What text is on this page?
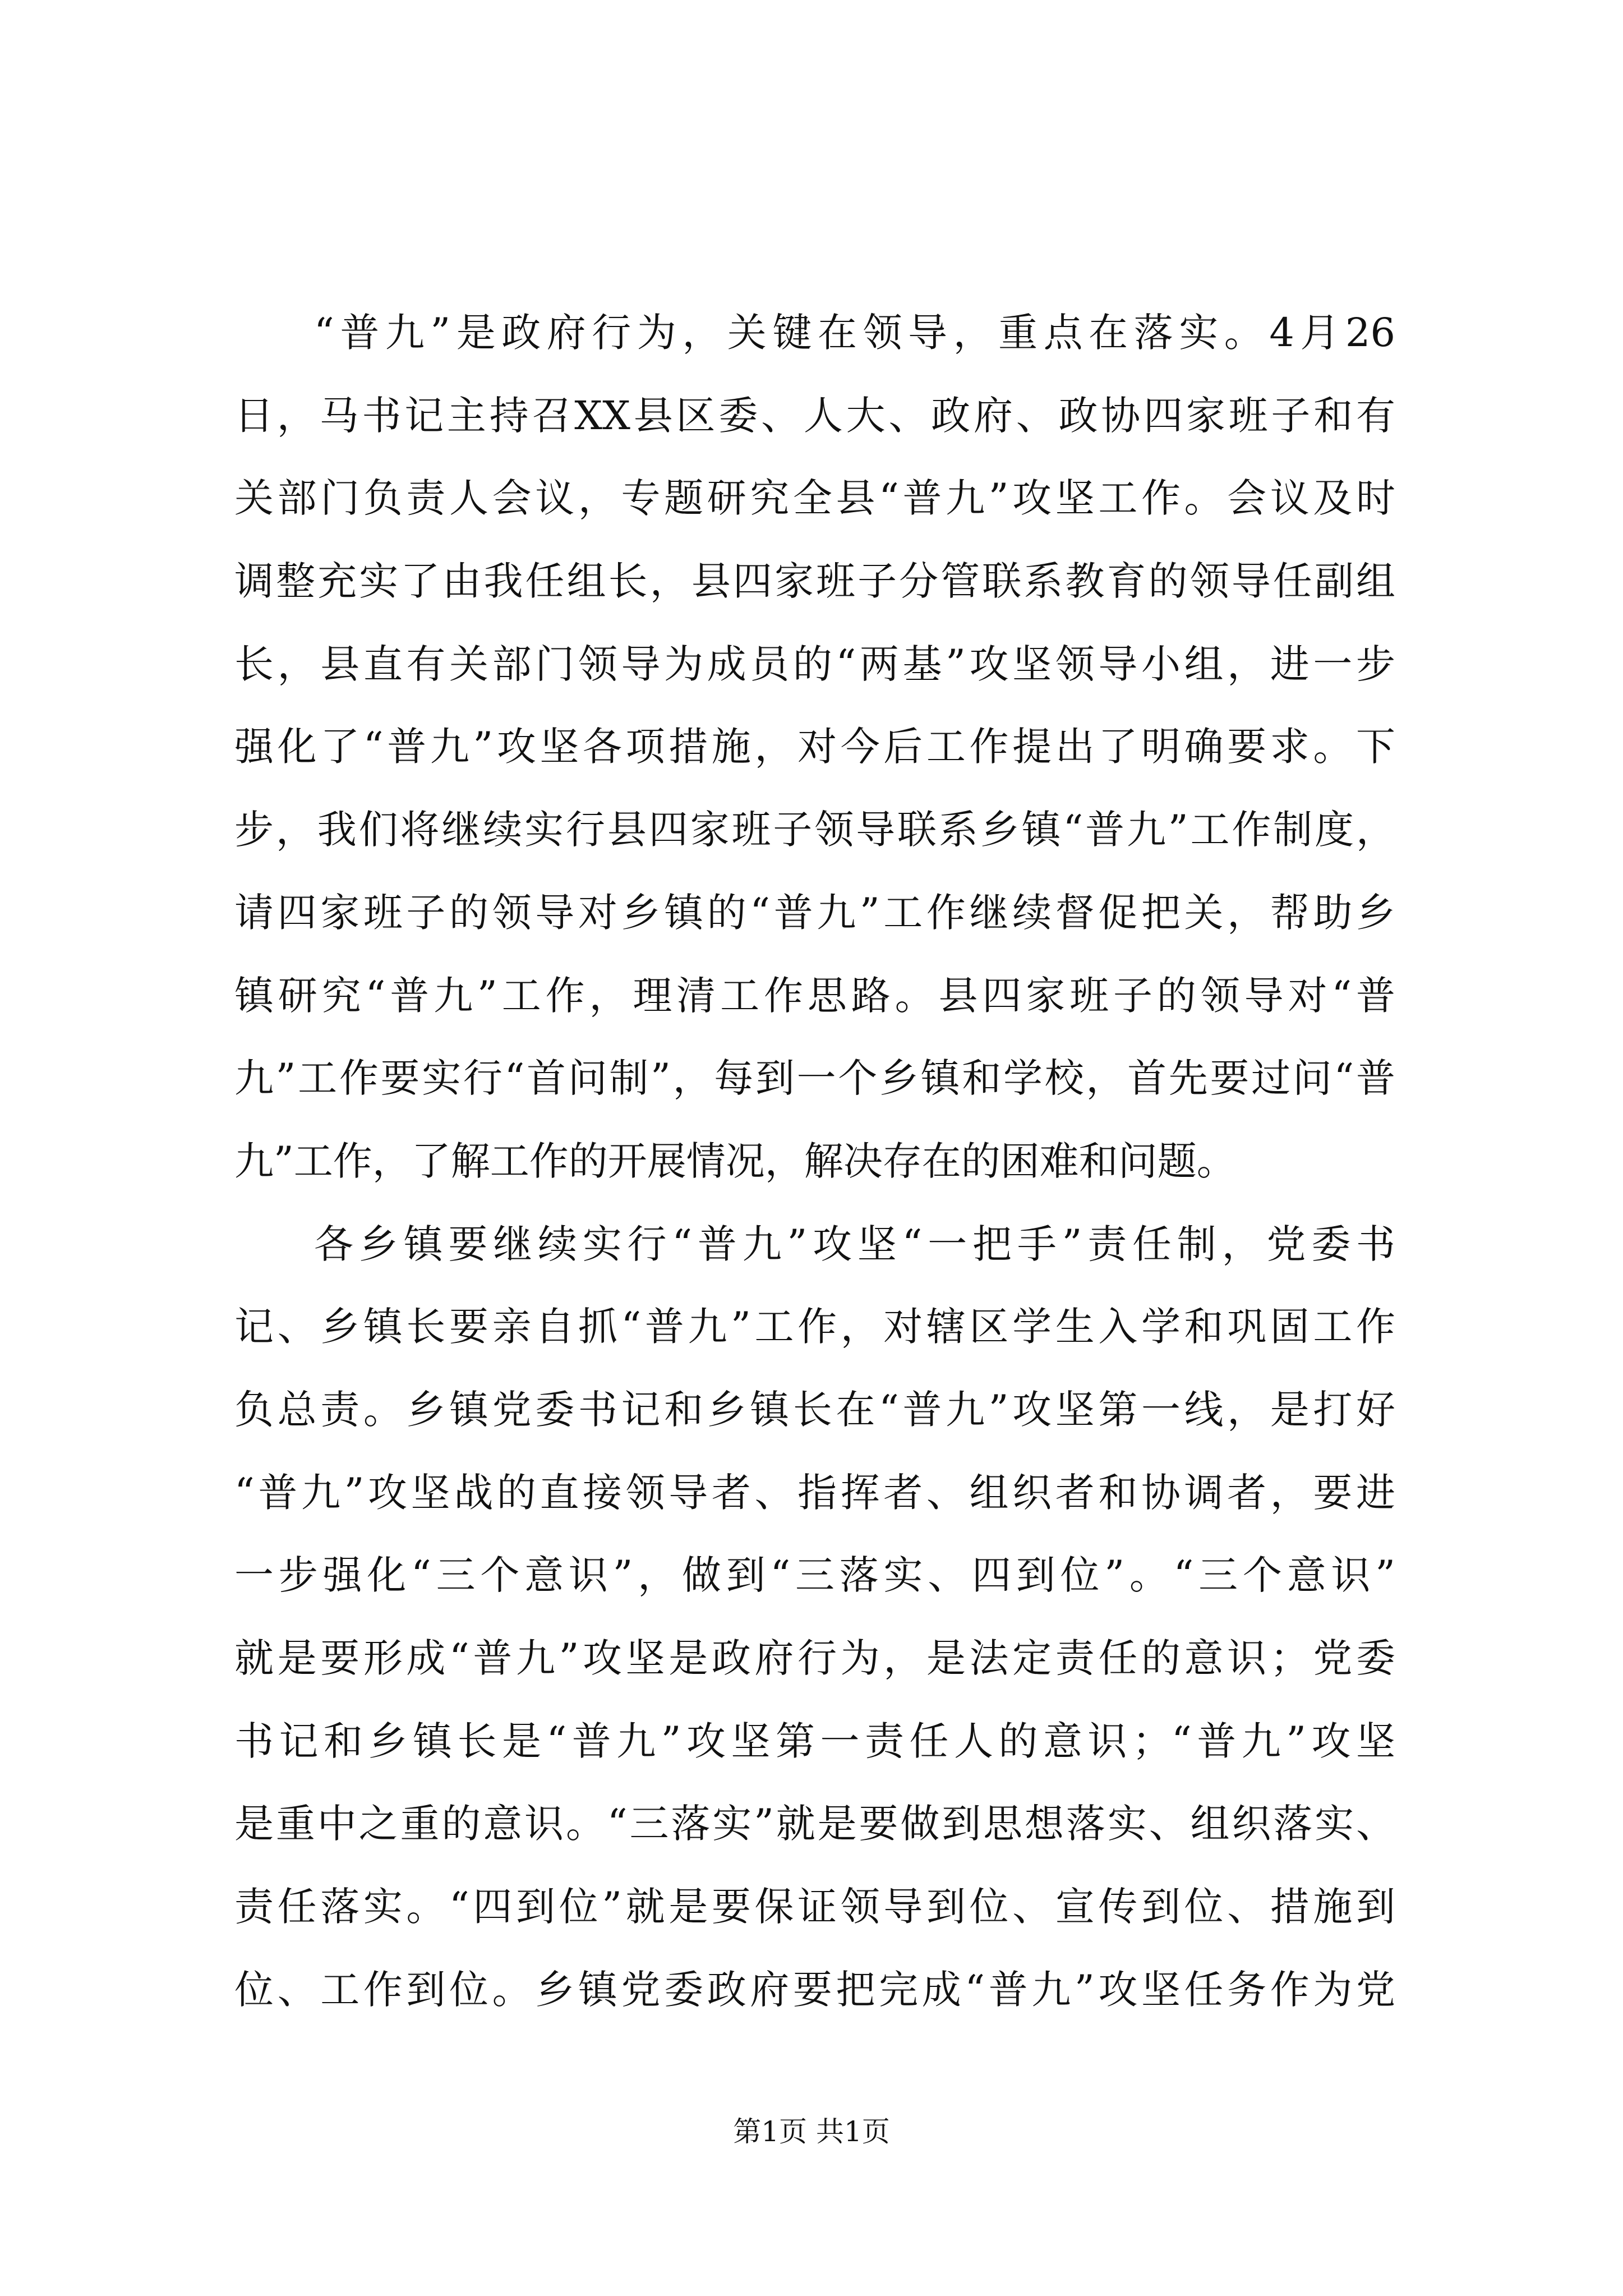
“普九”是政府行为，关键在领导，重点在落实。4月26
日，马书记主持召XX县区委、人大、政府、政协四家班子和有
关部门负责人会议，专题研究全县“普九”攻坚工作。会议及时
调整充实了由我任组长，县四家班子分管联系教育的领导任副组
长，县直有关部门领导为成员的“两基”攻坚领导小组，进一步
强化了“普九”攻坚各项措施，对今后工作提出了明确要求。下
步，我们将继续实行县四家班子领导联系乡镇“普九”工作制度，
请四家班子的领导对乡镇的“普九”工作继续督促把关，帮助乡
镇研究“普九”工作，理清工作思路。县四家班子的领导对“普
九”工作要实行“首问制”，每到一个乡镇和学校，首先要过问“普
九”工作，了解工作的开展情况，解决存在的困难和问题。
各乡镇要继续实行“普九”攻坚“一把手”责任制，党委书
记、乡镇长要亲自抓“普九”工作，对辖区学生入学和巩固工作
负总责。乡镇党委书记和乡镇长在“普九”攻坚第一线，是打好
“普九”攻坚战的直接领导者、指挥者、组织者和协调者，要进
一步强化“三个意识”，做到“三落实、四到位”。“三个意识”
就是要形成“普九”攻坚是政府行为，是法定责任的意识；党委
书记和乡镇长是“普九”攻坚第一责任人的意识；“普九”攻坚
是重中之重的意识。“三落实”就是要做到思想落实、组织落实、
责任落实。“四到位”就是要保证领导到位、宣传到位、措施到
位、工作到位。乡镇党委政府要把完成“普九”攻坚任务作为党
第1页 共1页
